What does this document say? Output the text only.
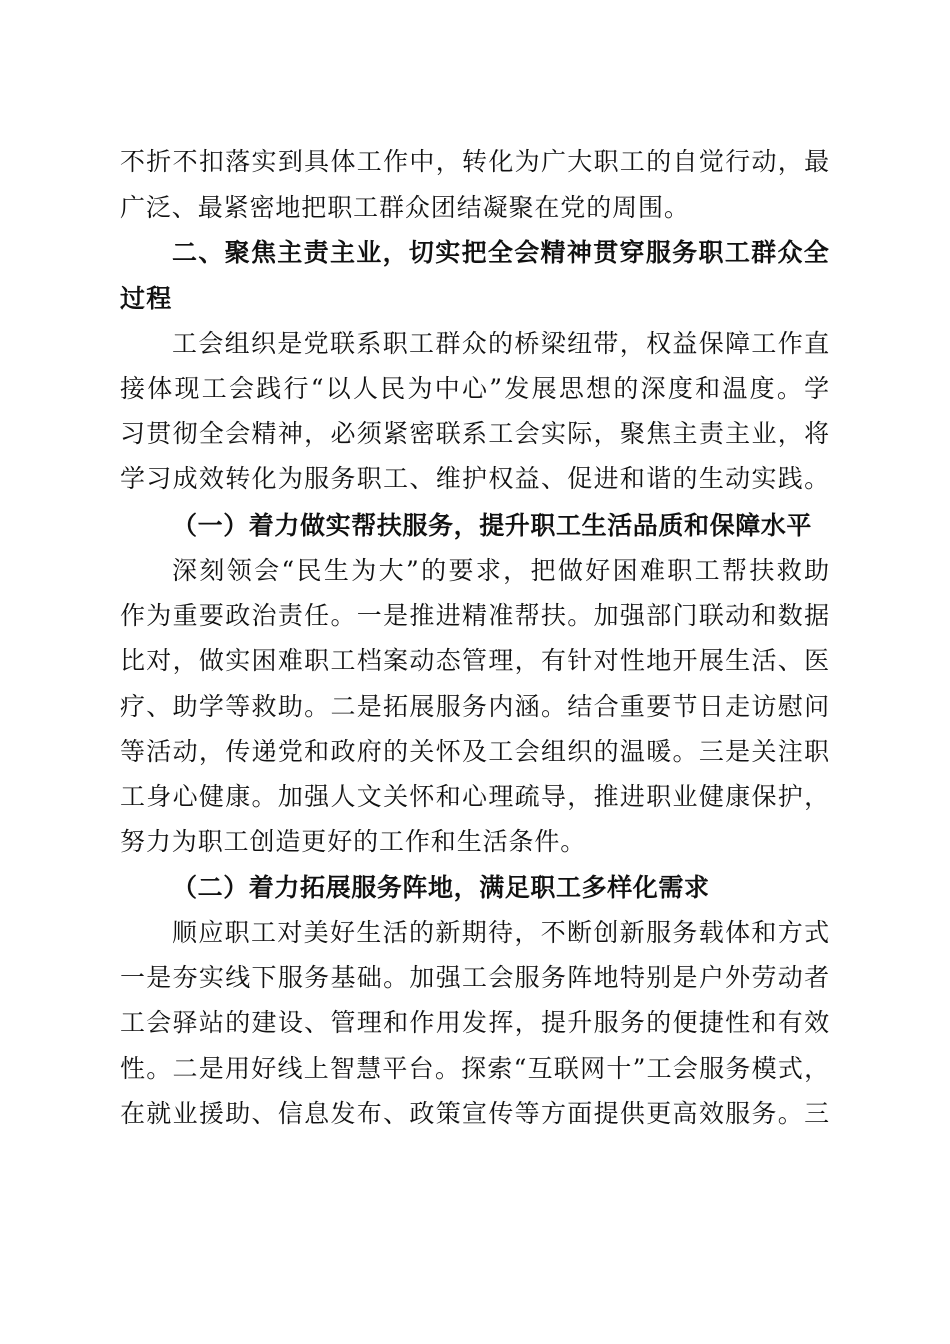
不折不扣落实到具体工作中，转化为广大职工的自觉行动，最
广泛、最紧密地把职工群众团结凝聚在党的周围。
二、聚焦主责主业，切实把全会精神贯穿服务职工群众全
过程
工会组织是党联系职工群众的桥梁纽带，权益保障工作直
接体现工会践行“以人民为中心”发展思想的深度和温度。学
习贯彻全会精神，必须紧密联系工会实际，聚焦主责主业，将
学习成效转化为服务职工、维护权益、促进和谐的生动实践。
（一）着力做实帮扶服务，提升职工生活品质和保障水平
深刻领会“民生为大”的要求，把做好困难职工帮扶救助
作为重要政治责任。一是推进精准帮扶。加强部门联动和数据
比对，做实困难职工档案动态管理，有针对性地开展生活、医
疗、助学等救助。二是拓展服务内涵。结合重要节日走访慰问
等活动，传递党和政府的关怀及工会组织的温暖。三是关注职
工身心健康。加强人文关怀和心理疏导，推进职业健康保护，
努力为职工创造更好的工作和生活条件。
（二）着力拓展服务阵地，满足职工多样化需求
顺应职工对美好生活的新期待，不断创新服务载体和方式
一是夯实线下服务基础。加强工会服务阵地特别是户外劳动者
工会驿站的建设、管理和作用发挥，提升服务的便捷性和有效
性。二是用好线上智慧平台。探索“互联网十”工会服务模式，
在就业援助、信息发布、政策宣传等方面提供更高效服务。三
